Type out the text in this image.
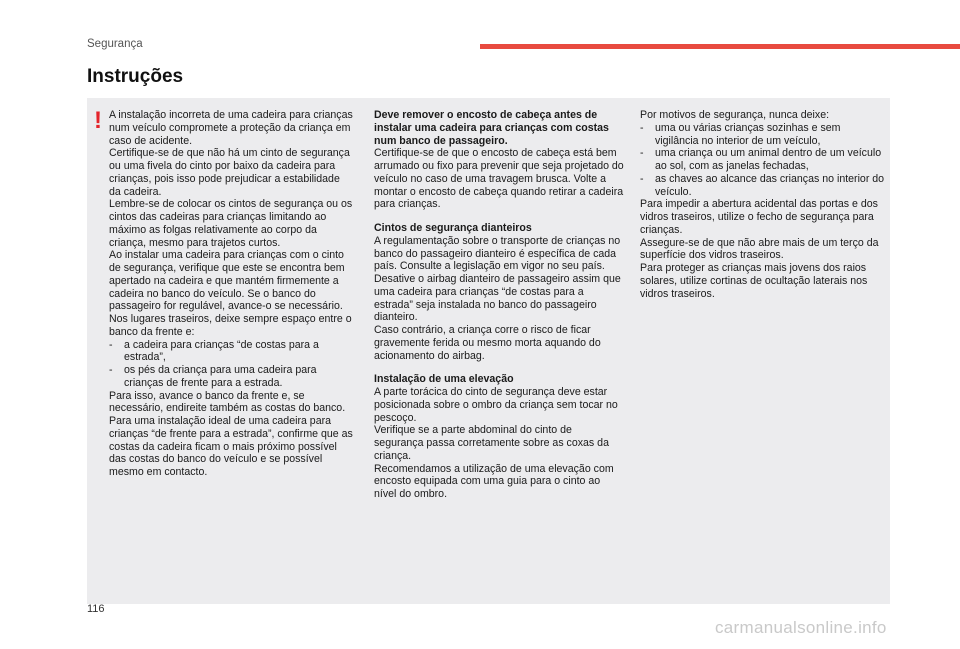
Segurança
Instruções
! A instalação incorreta de uma cadeira para crianças num veículo compromete a proteção da criança em caso de acidente.

Certifique-se de que não há um cinto de segurança ou uma fivela do cinto por baixo da cadeira para crianças, pois isso pode prejudicar a estabilidade da cadeira.

Lembre-se de colocar os cintos de segurança ou os cintos das cadeiras para crianças limitando ao máximo as folgas relativamente ao corpo da criança, mesmo para trajetos curtos.

Ao instalar uma cadeira para crianças com o cinto de segurança, verifique que este se encontra bem apertado na cadeira e que mantém firmemente a cadeira no banco do veículo. Se o banco do passageiro for regulável, avance-o se necessário.

Nos lugares traseiros, deixe sempre espaço entre o banco da frente e:

-	a cadeira para crianças “de costas para a estrada”,
-	os pés da criança para uma cadeira para crianças de frente para a estrada.

Para isso, avance o banco da frente e, se necessário, endireite também as costas do banco.

Para uma instalação ideal de uma cadeira para crianças “de frente para a estrada”, confirme que as costas da cadeira ficam o mais próximo possível das costas do banco do veículo e se possível mesmo em contacto.

Deve remover o encosto de cabeça antes de instalar uma cadeira para crianças com costas num banco de passageiro.

Certifique-se de que o encosto de cabeça está bem arrumado ou fixo para prevenir que seja projetado do veículo no caso de uma travagem brusca. Volte a montar o encosto de cabeça quando retirar a cadeira para crianças.

Cintos de segurança dianteiros

A regulamentação sobre o transporte de crianças no banco do passageiro dianteiro é específica de cada país. Consulte a legislação em vigor no seu país.

Desative o airbag dianteiro de passageiro assim que uma cadeira para crianças “de costas para a estrada” seja instalada no banco do passageiro dianteiro.

Caso contrário, a criança corre o risco de ficar gravemente ferida ou mesmo morta aquando do acionamento do airbag.

Instalação de uma elevação

A parte torácica do cinto de segurança deve estar posicionada sobre o ombro da criança sem tocar no pescoço.

Verifique se a parte abdominal do cinto de segurança passa corretamente sobre as coxas da criança.

Recomendamos a utilização de uma elevação com encosto equipada com uma guia para o cinto ao nível do ombro.

Por motivos de segurança, nunca deixe:

-	uma ou várias crianças sozinhas e sem vigilância no interior de um veículo,
-	uma criança ou um animal dentro de um veículo ao sol, com as janelas fechadas,
-	as chaves ao alcance das crianças no interior do veículo.

Para impedir a abertura acidental das portas e dos vidros traseiros, utilize o fecho de segurança para crianças.

Assegure-se de que não abre mais de um terço da superfície dos vidros traseiros.

Para proteger as crianças mais jovens dos raios solares, utilize cortinas de ocultação laterais nos vidros traseiros.

116
carmanualsonline.info
